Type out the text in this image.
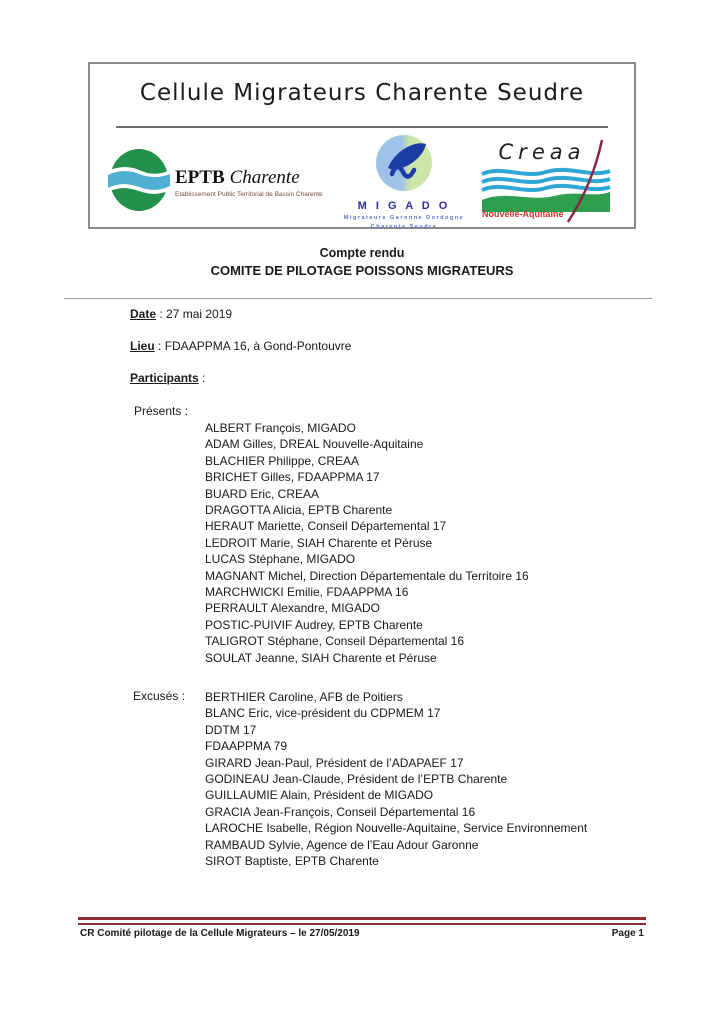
Cellule Migrateurs Charente Seudre
EPTB Charente
Etablissement Public Territorial de Bassin Charente
M I G A D O
Migrateurs Garonne Dordogne
Charente Seudre
Creaa
Nouvelle-Aquitaine
Compte rendu
COMITE DE PILOTAGE POISSONS MIGRATEURS
Date : 27 mai 2019
Lieu : FDAAPPMA 16, à Gond-Pontouvre
Participants :
Présents :
ALBERT François, MIGADO
ADAM Gilles, DREAL Nouvelle-Aquitaine
BLACHIER Philippe, CREAA
BRICHET Gilles, FDAAPPMA 17
BUARD Eric, CREAA
DRAGOTTA Alicia, EPTB Charente
HERAUT Mariette, Conseil Départemental 17
LEDROIT Marie, SIAH Charente et Péruse
LUCAS Stéphane, MIGADO
MAGNANT Michel, Direction Départementale du Territoire 16
MARCHWICKI Emilie, FDAAPPMA 16
PERRAULT Alexandre, MIGADO
POSTIC-PUIVIF Audrey, EPTB Charente
TALIGROT Stéphane, Conseil Départemental 16
SOULAT Jeanne, SIAH Charente et Péruse
Excusés : BERTHIER Caroline, AFB de Poitiers
BLANC Eric, vice-président du CDPMEM 17
DDTM 17
FDAAPPMA 79
GIRARD Jean-Paul, Président de l’ADAPAEF 17
GODINEAU Jean-Claude, Président de l’EPTB Charente
GUILLAUMIE Alain, Président de MIGADO
GRACIA Jean-François, Conseil Départemental 16
LAROCHE Isabelle, Région Nouvelle-Aquitaine, Service Environnement
RAMBAUD Sylvie, Agence de l’Eau Adour Garonne
SIROT Baptiste, EPTB Charente
CR Comité pilotage de la Cellule Migrateurs – le 27/05/2019	Page 1
